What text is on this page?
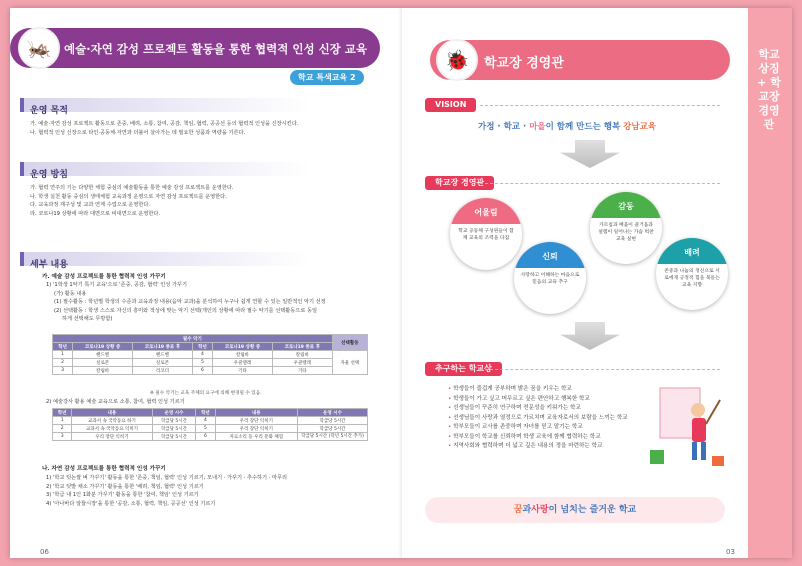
학교상징 + 학교장 경영관
🦗	예술·자연 감성 프로젝트 활동을 통한 협력적 인성 신장 교육
학교 특색교육 2
운영 목적
가. 예술·자연 감성 프로젝트 활동으로 존중, 배려, 소통, 참여, 공감, 책임, 협력, 공공선 등의 협력적 인성을 신장시킨다.
나. 협력적 인성 신장으로 타인·공동체·자연과 더불어 살아가는 데 필요한 성품과 역량을 기른다.
운영 방침
가. 협력 연주의 기는 다양한 체험 중심의 예술활동을 통한 예술 감성 프로젝트를 운영한다.
나. 학생 실천 활동 중심의 생태체험 교육과정 운영으로 자연 감성 프로젝트를 운영한다.
다. 교육과정 재구성 및 교과 연계 수업으로 운영한다.
라. 코로나19 상황에 따라 대면으로 비대면으로 운영한다.
세부 내용
가. 예술 감성 프로젝트를 통한 협력적 인성 가꾸기
1) '1학생 1악기 특기 교육'으로 '존중, 공감, 협력' 인성 가꾸기
(가) 활동 내용
(1) 필수활동 : 학년별 학생의 수준과 교육과정 내용(음악 교과)을 분석하여 누구나 쉽게 연할 수 있는 일반적인 악기 선정
(2) 선택활동 : 학생 스스로 자신의 흥미와 적성에 맞는 악기 선택(개인의 상황에 따라 필수 악기를 선택활동으로 동일
하게 선택해도 무방함)
필수 악기						선택활동
학년	코로나19 상황 중	코로나19 종료 후	학년	코로나19 상황 중	코로나19 종료 후	
1	핸드벨	핸드벨	4	칼림바	칼림바	자율 선택
2	실로폰	실로폰	5	우쿨렐레	우쿨렐레	
3	칼림바	리코더	6	기타	기타	
※ 필수 악기는 교육 주체의 요구에 의해 변경될 수 있음.
2) 예술강사 활용 예술 교육으로 소통, 참여, 협력 인성 기르기
학년	내용	운영 시수	학년	내용	운영 시수
1	교과서 속 국악동요 하기	학급당 5시간	4	우리 장단 익히기	학급당 5시간
2	교과서 속 국악동요 익히기	학급당 5시간	5	우리 장단 익히기	학급당 5시간
3	우리 장단 익히기	학급당 5시간	6	자료소리 등 우리 문화 체험	학급당 5시간 (학년 5시간 추가)
나. 자연 감성 프로젝트를 통한 협력적 인성 가꾸기
1) '학교 텃논쌀 벼 가꾸기' 활동을 통한 '존중, 책임, 협력' 인성 기르기, 모내기 · 가꾸기 · 추수하기 · 마무리
2) '학교 텃밭 채소 가꾸기' 활동을 통한 '배려, 책임, 협력' 인성 기르기
3) '학급 내 1인 1화분 가꾸기' 활동을 통한 '참여, 책임' 인성 기르기
4) '아나바다 알뜰시장'을 통한 '공감, 소통, 협력, 책임, 공공선' 인성 기르기
06
🐞	학교장 경영관
VISION
가정 · 학교 · 마을이 함께 만드는 행복 강남교육
학교장 경영관
어울림
학교 공동체 구성원들이 함께 교육의 조력을 다짐
신뢰
사랑하고 이해하는 마음으로 믿음의 교육 추구
감동
가르침과 배움이 즐거움과 설렘이 일어나는 가슴 벅찬 교육 실현
배려
존중과 나눔의 정신으로 서로에게 긍정적 힘을 북돋는 교육 지향
추구하는 학교상
• 학생들이 즐겁게 공부하며 밝은 꿈을 키우는 학교
• 학생들이 가고 싶고 머무르고 싶은 편안하고 행복한 학교
• 선생님들이 꾸준히 연구하며 전문성을 키워가는 학교
• 선생님들이 사랑과 열정으로 가르치며 교육자로서의 보람을 느끼는 학교
• 학부모들이 교사를 존중하며 자녀를 믿고 맡기는 학교
• 학부모들이 학교를 신뢰하며 학생 교육에 함께 협력하는 학교
• 지역사회와 협력하며 더 넓고 깊은 내용의 정을 마련하는 학교
꿈과사랑이 넘치는 즐거운 학교
03
